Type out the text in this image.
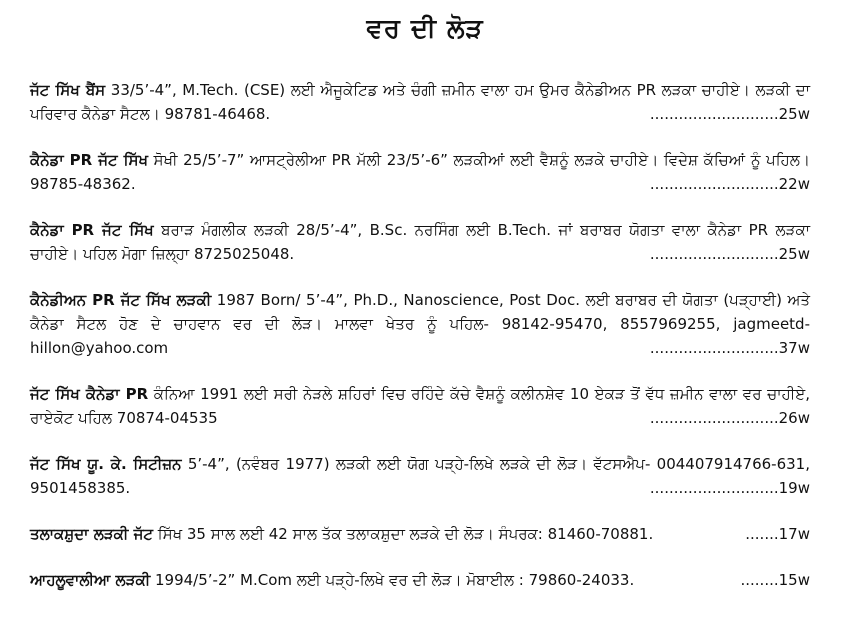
ਵਰ ਦੀ ਲੋੜ
ਜੱਟ ਸਿੱਖ ਬੈਂਸ 33/5’-4”, M.Tech. (CSE) ਲਈ ਐਜੂਕੇਟਿਡ ਅਤੇ ਚੰਗੀ ਜ਼ਮੀਨ ਵਾਲਾ ਹਮ ਉਮਰ ਕੈਨੇਡੀਅਨ PR ਲੜਕਾ ਚਾਹੀਏ। ਲੜਕੀ ਦਾ ਪਰਿਵਾਰ ਕੈਨੇਡਾ ਸੈਟਲ। 98781-46468.	...........................25w
ਕੈਨੇਡਾ PR ਜੱਟ ਸਿੱਖ ਸੋਖੀ 25/5’-7” ਆਸਟ੍ਰੇਲੀਆ PR ਮੱਲੀ 23/5’-6” ਲੜਕੀਆਂ ਲਈ ਵੈਸ਼ਨੂੰ ਲੜਕੇ ਚਾਹੀਏ। ਵਿਦੇਸ਼ ਕੱਚਿਆਂ ਨੂੰ ਪਹਿਲ। 98785-48362.	...........................22w
ਕੈਨੇਡਾ PR ਜੱਟ ਸਿੱਖ ਬਰਾੜ ਮੰਗਲੀਕ ਲੜਕੀ 28/5’-4”, B.Sc. ਨਰਸਿੰਗ ਲਈ B.Tech. ਜਾਂ ਬਰਾਬਰ ਯੋਗਤਾ ਵਾਲਾ ਕੈਨੇਡਾ PR ਲੜਕਾ ਚਾਹੀਏ। ਪਹਿਲ ਮੋਗਾ ਜ਼ਿਲ੍ਹਾ 8725025048.	...........................25w
ਕੈਨੇਡੀਅਨ PR ਜੱਟ ਸਿੱਖ ਲੜਕੀ 1987 Born/ 5’-4”, Ph.D., Nanoscience, Post Doc. ਲਈ ਬਰਾਬਰ ਦੀ ਯੋਗਤਾ (ਪੜ੍ਹਾਈ) ਅਤੇ ਕੈਨੇਡਾ ਸੈਟਲ ਹੋਣ ਦੇ ਚਾਹਵਾਨ ਵਰ ਦੀ ਲੋੜ। ਮਾਲਵਾ ਖੇਤਰ ਨੂੰ ਪਹਿਲ- 98142-95470, 8557969255, jagmeetd-hillon@yahoo.com	...........................37w
ਜੱਟ ਸਿੱਖ ਕੈਨੇਡਾ PR ਕੰਨਿਆ 1991 ਲਈ ਸਰੀ ਨੇੜਲੇ ਸ਼ਹਿਰਾਂ ਵਿਚ ਰਹਿੰਦੇ ਕੱਚੇ ਵੈਸ਼ਨੂੰ ਕਲੀਨਸ਼ੇਵ 10 ਏਕੜ ਤੋਂ ਵੱਧ ਜ਼ਮੀਨ ਵਾਲਾ ਵਰ ਚਾਹੀਏ, ਰਾਏਕੋਟ ਪਹਿਲ 70874-04535	...........................26w
ਜੱਟ ਸਿੱਖ ਯੂ. ਕੇ. ਸਿਟੀਜ਼ਨ 5’-4”, (ਨਵੰਬਰ 1977) ਲੜਕੀ ਲਈ ਯੋਗ ਪੜ੍ਹੇ-ਲਿਖੇ ਲੜਕੇ ਦੀ ਲੋੜ। ਵੱਟਸਐਪ- 004407914766-631, 9501458385.	...........................19w
ਤਲਾਕਸ਼ੁਦਾ ਲੜਕੀ ਜੱਟ ਸਿੱਖ 35 ਸਾਲ ਲਈ 42 ਸਾਲ ਤੱਕ ਤਲਾਕਸ਼ੁਦਾ ਲੜਕੇ ਦੀ ਲੋੜ। ਸੰਪਰਕ: 81460-70881.	.......17w
ਆਹਲੂਵਾਲੀਆ ਲੜਕੀ 1994/5’-2” M.Com ਲਈ ਪੜ੍ਹੇ-ਲਿਖੇ ਵਰ ਦੀ ਲੋੜ। ਮੋਬਾਈਲ : 79860-24033.	........15w
